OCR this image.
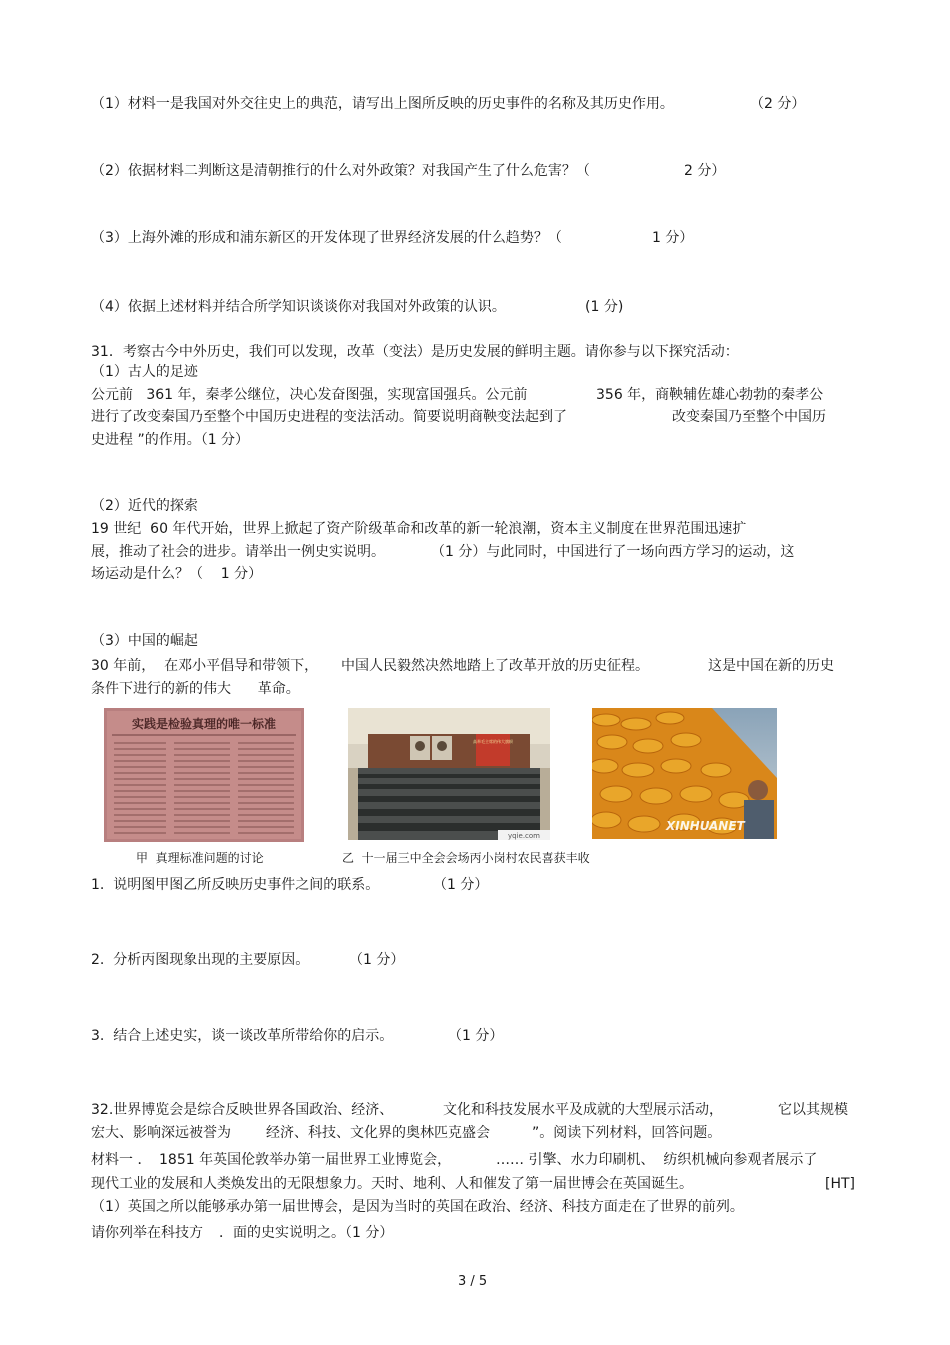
（1）材料一是我国对外交往史上的典范，请写出上图所反映的历史事件的名称及其历史作用。	（2 分）
（2）依据材料二判断这是清朝推行的什么对外政策？对我国产生了什么危害？（	2 分）
（3）上海外滩的形成和浦东新区的开发体现了世界经济发展的什么趋势？（	1 分）
（4）依据上述材料并结合所学知识谈谈你对我国对外政策的认识。	(1 分)
31．考察古今中外历史，我们可以发现，改革（变法）是历史发展的鲜明主题。请你参与以下探究活动：
（1）古人的足迹
公元前   361 年，秦孝公继位，决心发奋图强，实现富国强兵。公元前	356 年，商鞅辅佐雄心勃勃的秦孝公
进行了改变秦国乃至整个中国历史进程的变法活动。简要说明商鞅变法起到了	改变秦国乃至整个中国历
史进程 ”的作用。（1 分）
（2）近代的探索
19 世纪  60 年代开始，世界上掀起了资产阶级革命和改革的新一轮浪潮，资本主义制度在世界范围迅速扩
展，推动了社会的进步。请举出一例史实说明。	（1 分）与此同时，中国进行了一场向西方学习的运动，这
场运动是什么？（    1 分）
（3）中国的崛起
30 年前，  在邓小平倡导和带领下， 中国人民毅然决然地踏上了改革开放的历史征程。	这是中国在新的历史
条件下进行的新的伟大      革命。
实践是检验真理的唯一标准
高举毛主席的伟大旗帜
yqie.com
XINHUANET
甲  真理标准问题的讨论	乙  十一届三中全会会场丙小岗村农民喜获丰收
1.  说明图甲图乙所反映历史事件之间的联系。	（1 分）
2.  分析丙图现象出现的主要原因。	（1 分）
3.  结合上述史实，谈一谈改革所带给你的启示。	（1 分）
32.世界博览会是综合反映世界各国政治、经济、	文化和科技发展水平及成就的大型展示活动，	它以其规模
宏大、影响深远被誉为	经济、科技、文化界的奥林匹克盛会	”。阅读下列材料，回答问题。
材料一 ． 1851 年英国伦敦举办第一届世界工业博览会，	…… 引擎、水力印刷机、  纺织机械向参观者展示了
现代工业的发展和人类焕发出的无限想象力。天时、地利、人和催发了第一届世博会在英国诞生。	[HT]
（1）英国之所以能够承办第一届世博会，是因为当时的英国在政治、经济、科技方面走在了世界的前列。
请你列举在科技方 ．面的史实说明之。（1 分）
3 / 5
